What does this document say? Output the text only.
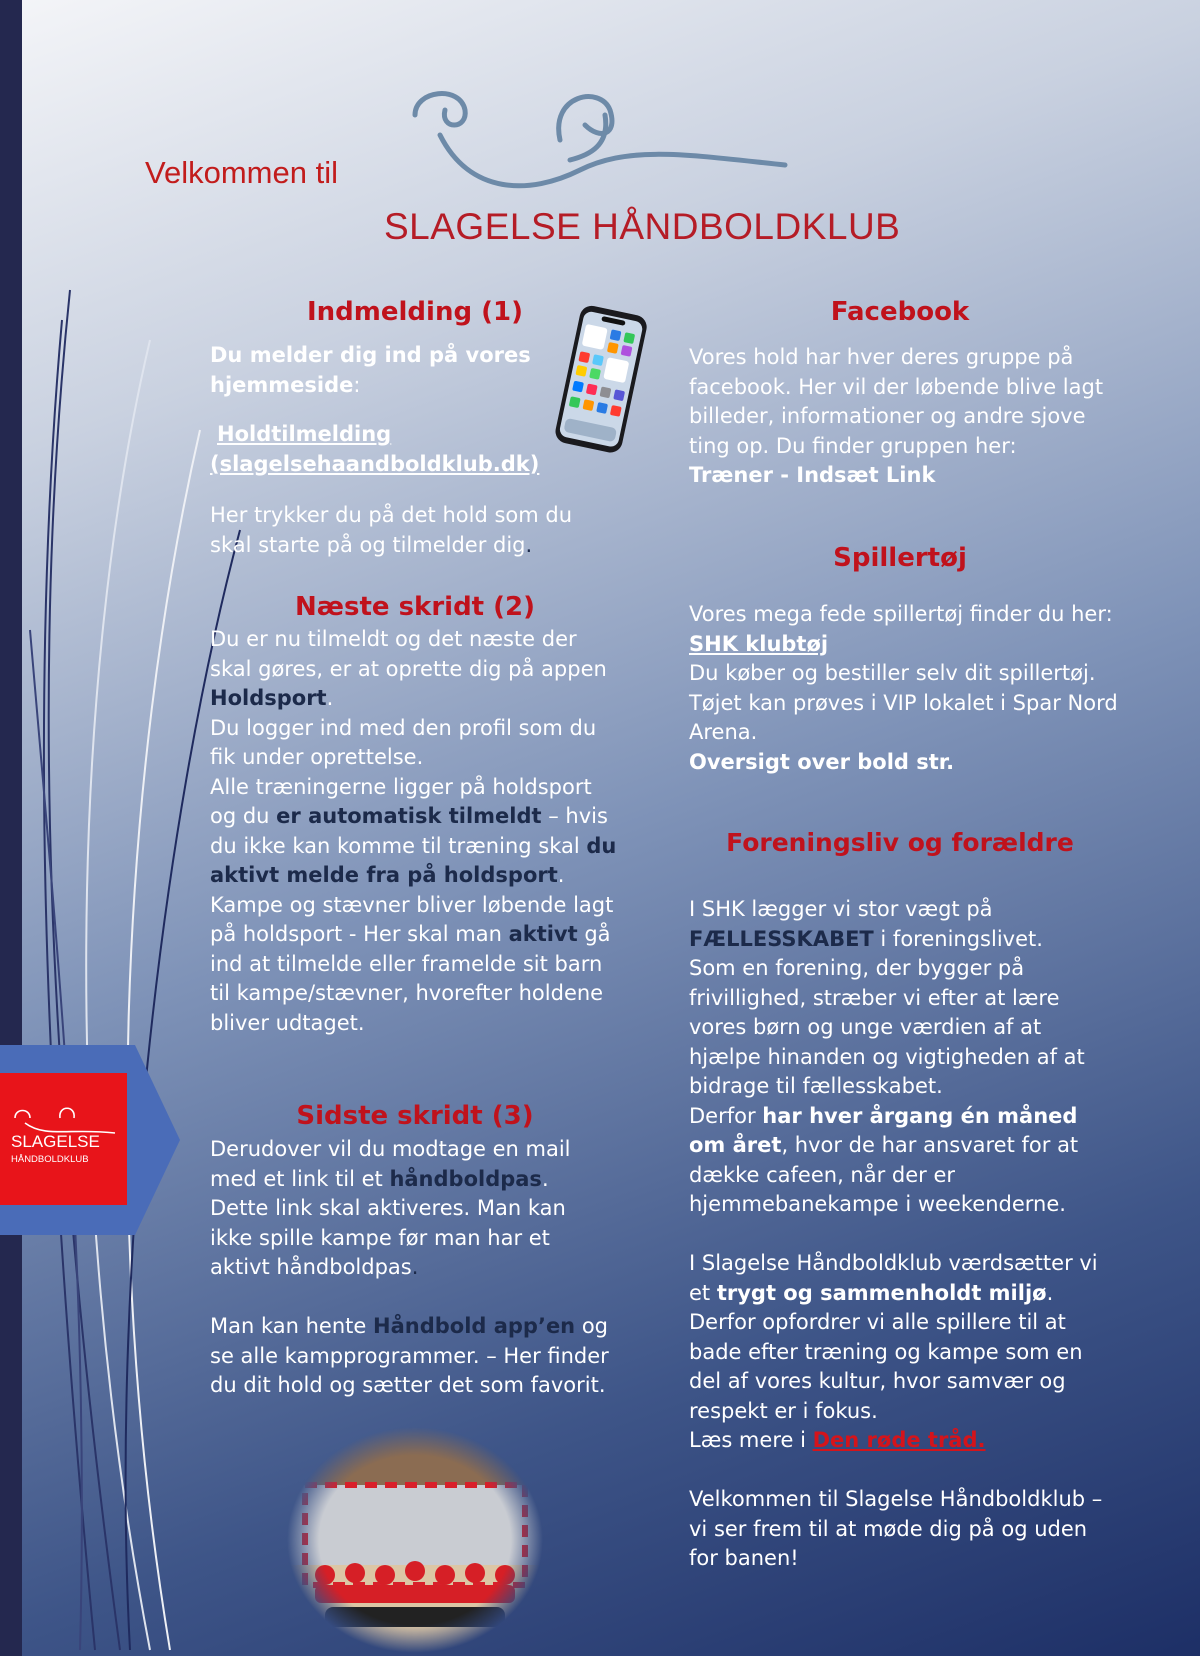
Velkommen til
SLAGELSE HÅNDBOLDKLUB
Indmelding (1)
Du melder dig ind på vores hjemmeside:
Holdtilmelding
(slagelsehaandboldklub.dk)
Her trykker du på det hold som du skal starte på og tilmelder dig.
Næste skridt (2)
Du er nu tilmeldt og det næste der skal gøres, er at oprette dig på appen Holdsport.
Du logger ind med den profil som du fik under oprettelse.
Alle træningerne ligger på holdsport og du er automatisk tilmeldt – hvis du ikke kan komme til træning skal du aktivt melde fra på holdsport. Kampe og stævner bliver løbende lagt på holdsport - Her skal man aktivt gå ind at tilmelde eller framelde sit barn til kampe/stævner, hvorefter holdene bliver udtaget.
Sidste skridt (3)
Derudover vil du modtage en mail med et link til et håndboldpas. Dette link skal aktiveres. Man kan ikke spille kampe før man har et aktivt håndboldpas.

Man kan hente Håndbold app’en og se alle kampprogrammer. – Her finder du dit hold og sætter det som favorit.
SLAGELSE
HÅNDBOLDKLUB
Facebook
Vores hold har hver deres gruppe på facebook. Her vil der løbende blive lagt billeder, informationer og andre sjove ting op. Du finder gruppen her:
Træner - Indsæt Link
Spillertøj
Vores mega fede spillertøj finder du her: SHK klubtøj
Du køber og bestiller selv dit spillertøj. Tøjet kan prøves i VIP lokalet i Spar Nord Arena.
Oversigt over bold str.
Foreningsliv og forældre
I SHK lægger vi stor vægt på FÆLLESSKABET i foreningslivet.
Som en forening, der bygger på frivillighed, stræber vi efter at lære vores børn og unge værdien af at hjælpe hinanden og vigtigheden af at bidrage til fællesskabet.
Derfor har hver årgang én måned om året, hvor de har ansvaret for at dække cafeen, når der er hjemmebanekampe i weekenderne.

I Slagelse Håndboldklub værdsætter vi et trygt og sammenholdt miljø. Derfor opfordrer vi alle spillere til at bade efter træning og kampe som en del af vores kultur, hvor samvær og respekt er i fokus.
Læs mere i Den røde tråd.

Velkommen til Slagelse Håndboldklub – vi ser frem til at møde dig på og uden for banen!
